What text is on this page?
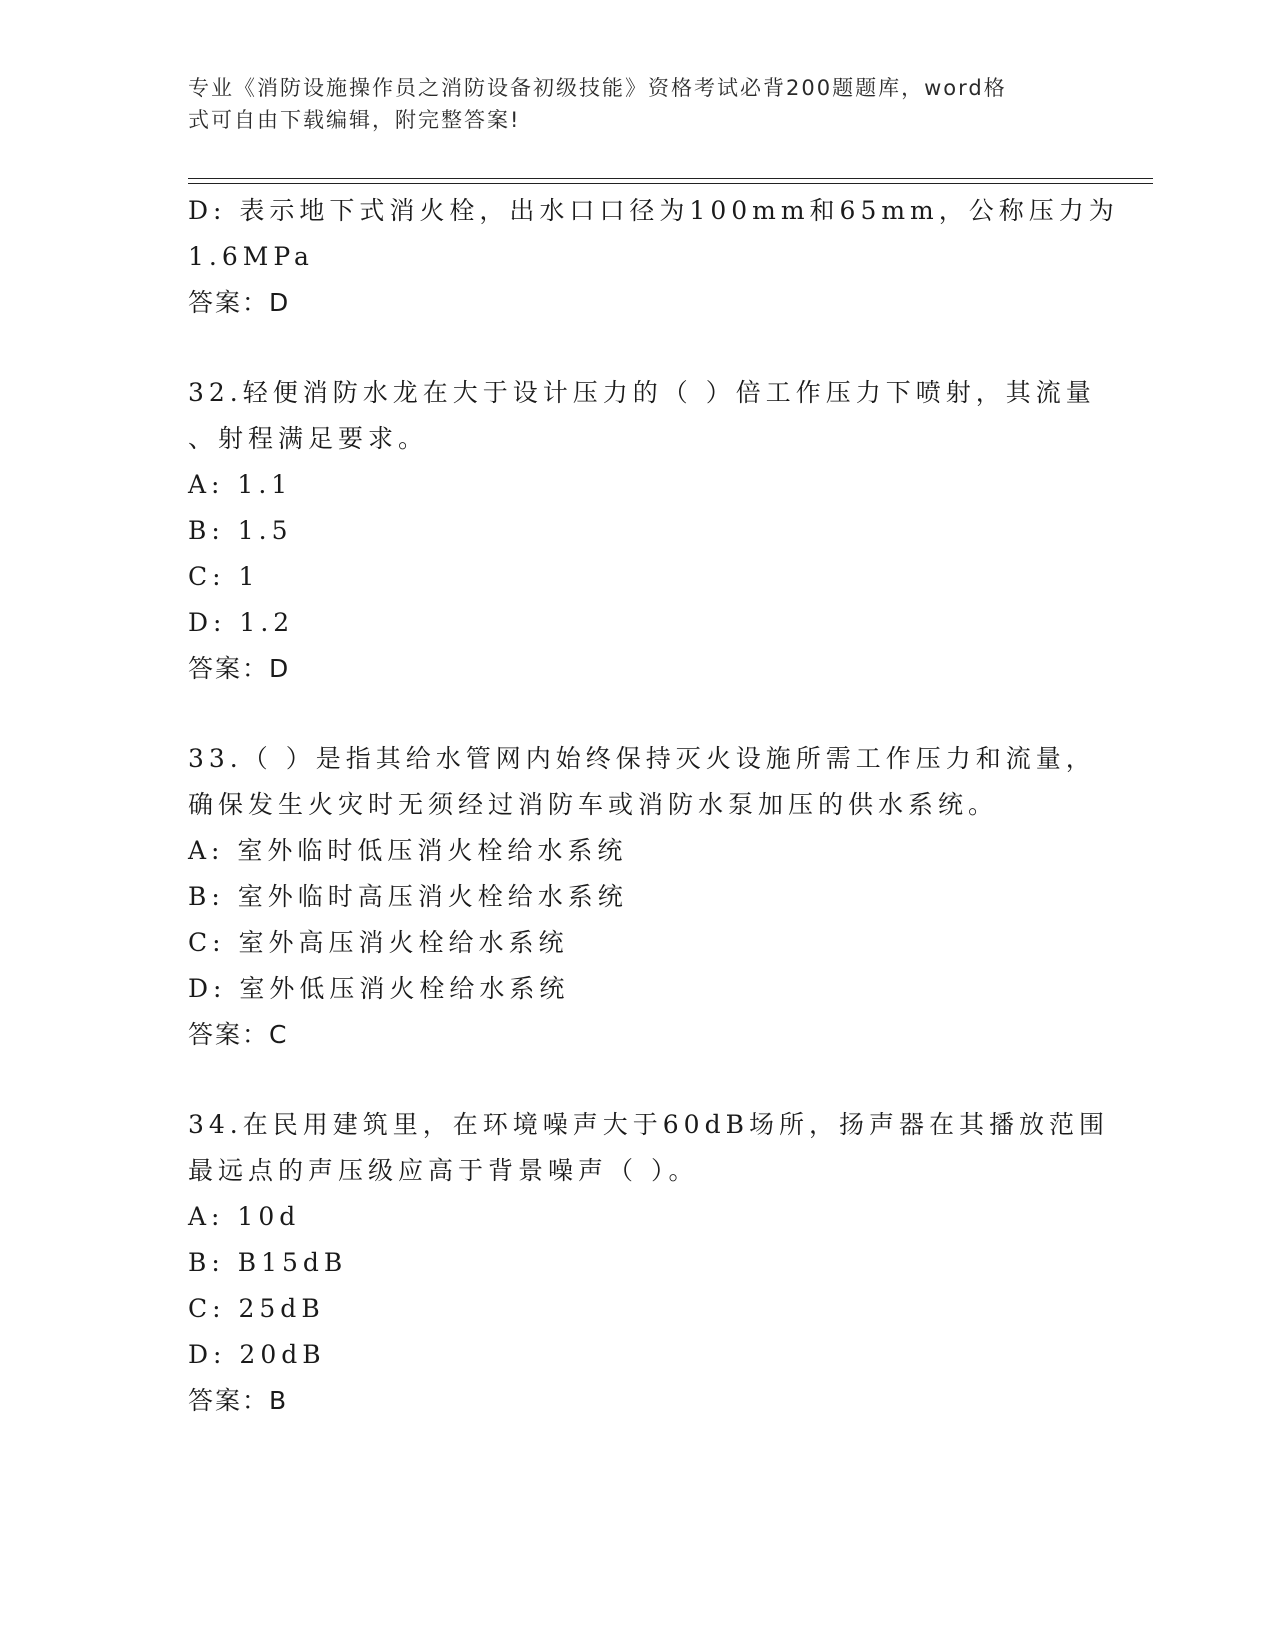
专业《消防设施操作员之消防设备初级技能》资格考试必背200题题库，word格
式可自由下载编辑，附完整答案!
D: 表示地下式消火栓，出水口口径为100mm和65mm，公称压力为
1.6MPa
答案：D
32.轻便消防水龙在大于设计压力的（ ）倍工作压力下喷射，其流量
、射程满足要求。
A: 1.1
B: 1.5
C: 1
D: 1.2
答案：D
33.（ ）是指其给水管网内始终保持灭火设施所需工作压力和流量，
确保发生火灾时无须经过消防车或消防水泵加压的供水系统。
A: 室外临时低压消火栓给水系统
B: 室外临时高压消火栓给水系统
C: 室外高压消火栓给水系统
D: 室外低压消火栓给水系统
答案：C
34.在民用建筑里，在环境噪声大于60dB场所，扬声器在其播放范围
最远点的声压级应高于背景噪声（ ）。
A: 10d
B: B15dB
C: 25dB
D: 20dB
答案：B
